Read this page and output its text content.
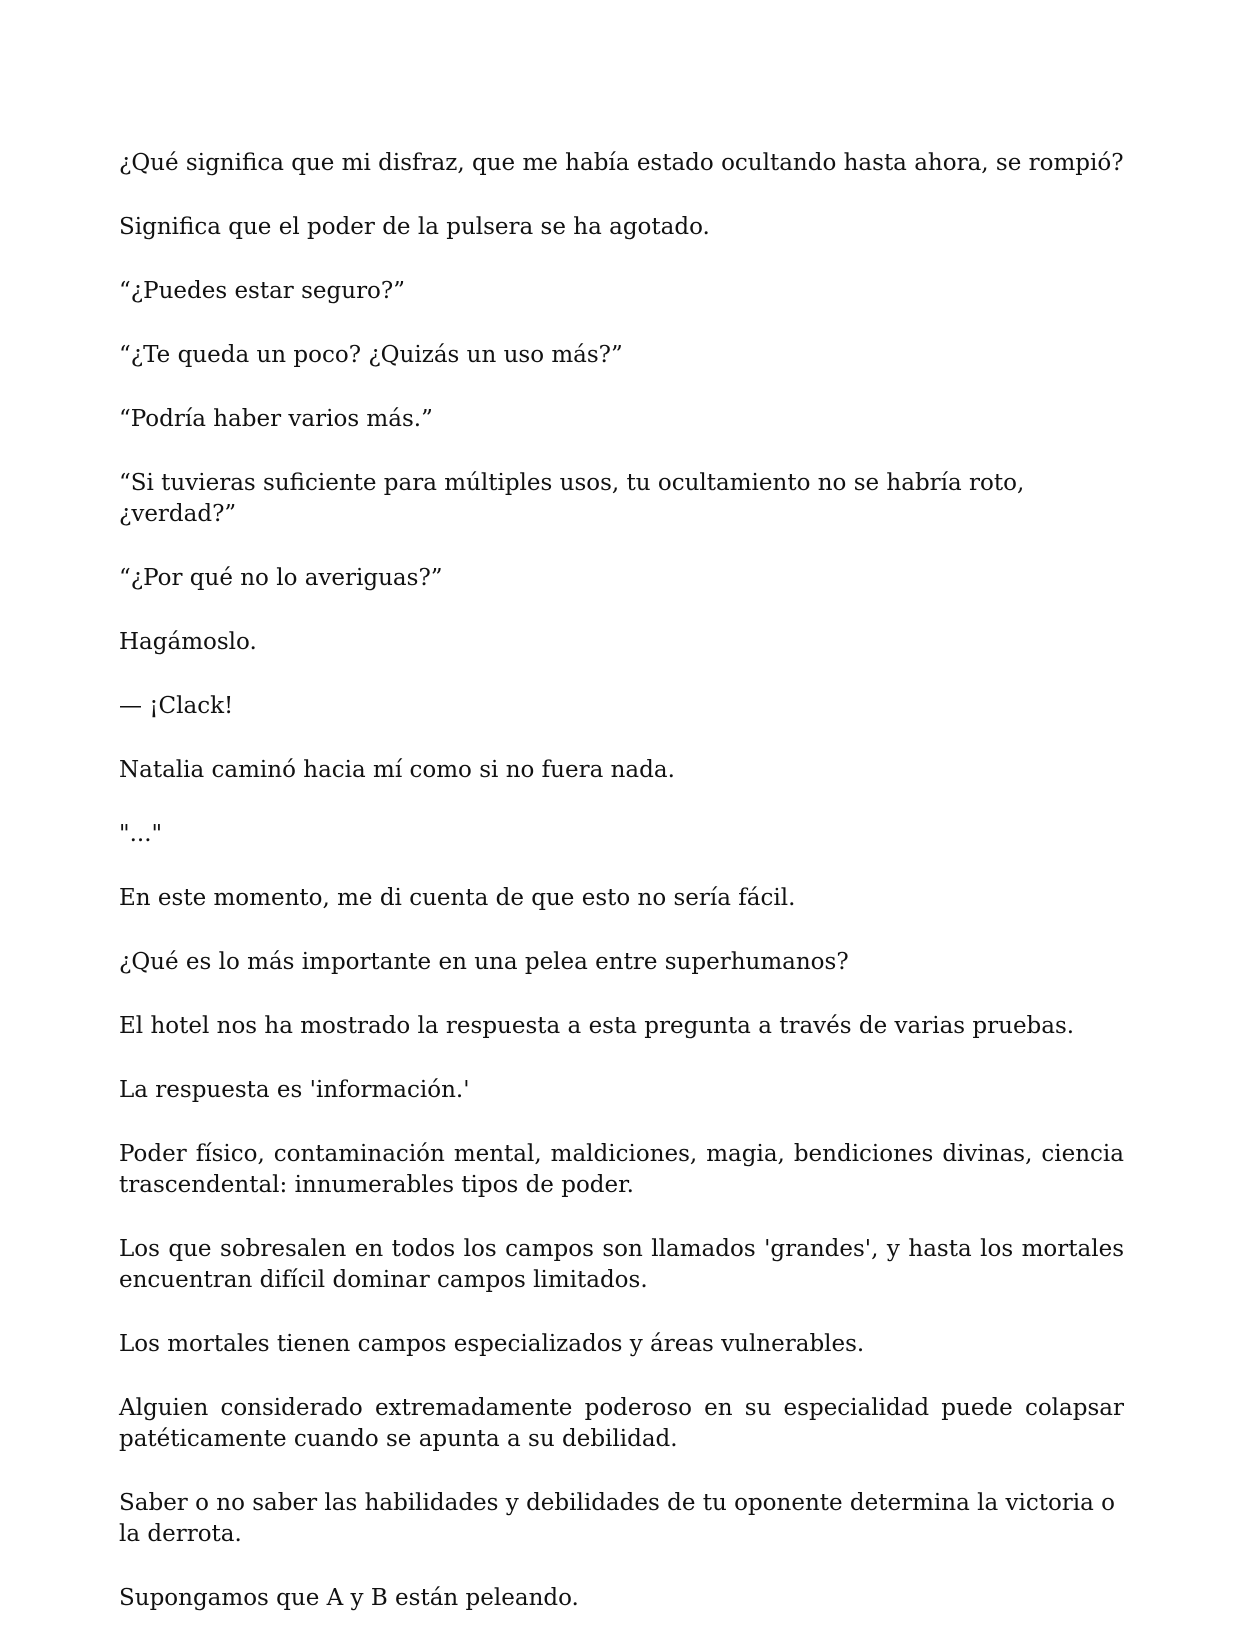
¿Qué significa que mi disfraz, que me había estado ocultando hasta ahora, se rompió?

Significa que el poder de la pulsera se ha agotado.

“¿Puedes estar seguro?”

“¿Te queda un poco? ¿Quizás un uso más?”

“Podría haber varios más.”

“Si tuvieras suficiente para múltiples usos, tu ocultamiento no se habría roto, ¿verdad?”

“¿Por qué no lo averiguas?”

Hagámoslo.

— ¡Clack!

Natalia caminó hacia mí como si no fuera nada.

"..."

En este momento, me di cuenta de que esto no sería fácil.

¿Qué es lo más importante en una pelea entre superhumanos?

El hotel nos ha mostrado la respuesta a esta pregunta a través de varias pruebas.

La respuesta es 'información.'

Poder físico, contaminación mental, maldiciones, magia, bendiciones divinas, ciencia trascendental: innumerables tipos de poder.

Los que sobresalen en todos los campos son llamados 'grandes', y hasta los mortales encuentran difícil dominar campos limitados.

Los mortales tienen campos especializados y áreas vulnerables.

Alguien considerado extremadamente poderoso en su especialidad puede colapsar patéticamente cuando se apunta a su debilidad.

Saber o no saber las habilidades y debilidades de tu oponente determina la victoria o la derrota.

Supongamos que A y B están peleando.
